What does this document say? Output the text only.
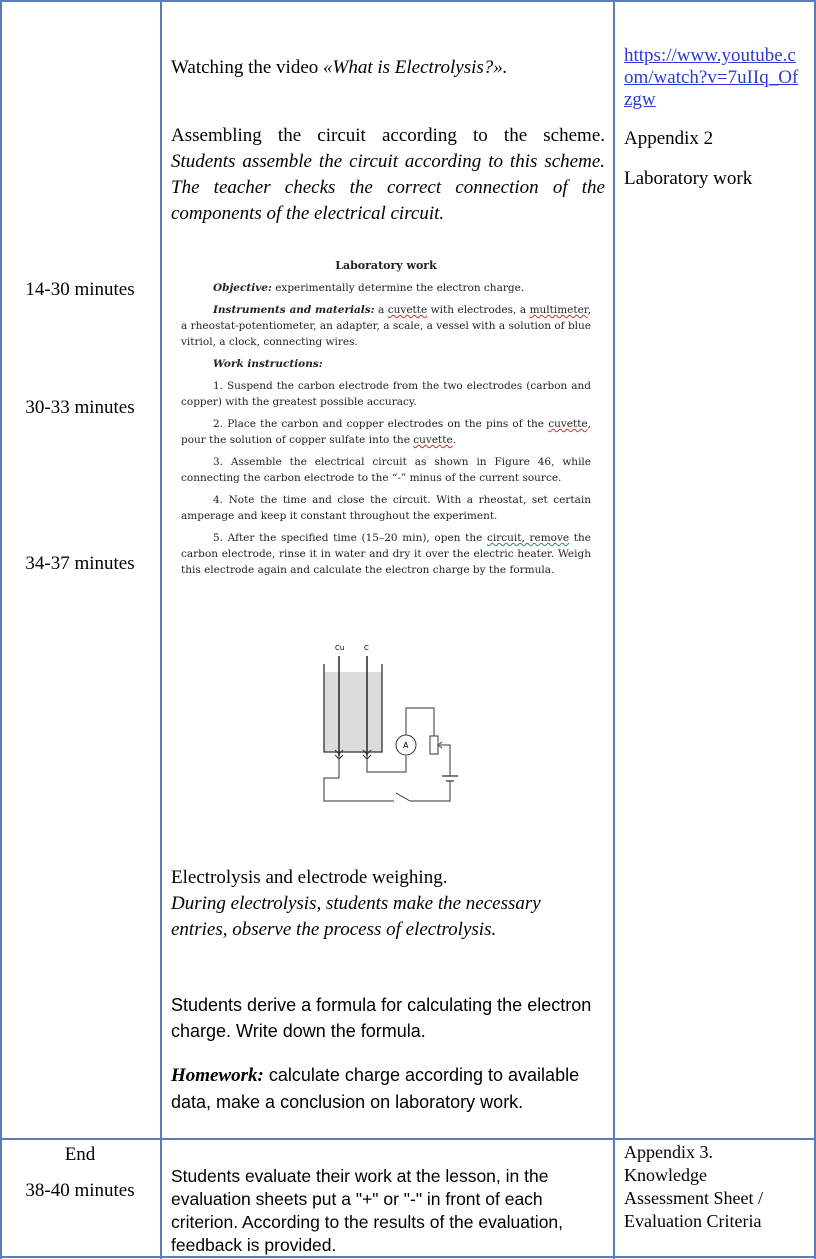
14-30 minutes
30-33 minutes
34-37 minutes
End
38-40 minutes
Watching the video «What is Electrolysis?».
Assembling the circuit according to the scheme. Students assemble the circuit according to this scheme. The teacher checks the correct connection of the components of the electrical circuit.

Laboratory work

Objective: experimentally determine the electron charge.

Instruments and materials: a cuvette with electrodes, a multimeter, a rheostat-potentiometer, an adapter, a scale, a vessel with a solution of blue vitriol, a clock, connecting wires.

Work instructions:

1. Suspend the carbon electrode from the two electrodes (carbon and copper) with the greatest possible accuracy.

2. Place the carbon and copper electrodes on the pins of the cuvette, pour the solution of copper sulfate into the cuvette.

3. Assemble the electrical circuit as shown in Figure 46, while connecting the carbon electrode to the “-” minus of the current source.

4. Note the time and close the circuit. With a rheostat, set certain amperage and keep it constant throughout the experiment.

5. After the specified time (15–20 min), open the circuit, remove the carbon electrode, rinse it in water and dry it over the electric heater. Weigh this electrode again and calculate the electron charge by the formula.

Cu	C
A
Electrolysis and electrode weighing.
During electrolysis, students make the necessary entries, observe the process of electrolysis.
Students derive a formula for calculating the electron charge. Write down the formula.
Homework: calculate charge according to available data, make a conclusion on laboratory work.
Students evaluate their work at the lesson, in the evaluation sheets put a "+" or "-" in front of each criterion. According to the results of the evaluation, feedback is provided.
https://www.youtube.c
om/watch?v=7uIIq_Of
zgw
Appendix 2
Laboratory work
Appendix 3.
Knowledge
Assessment Sheet /
Evaluation Criteria
